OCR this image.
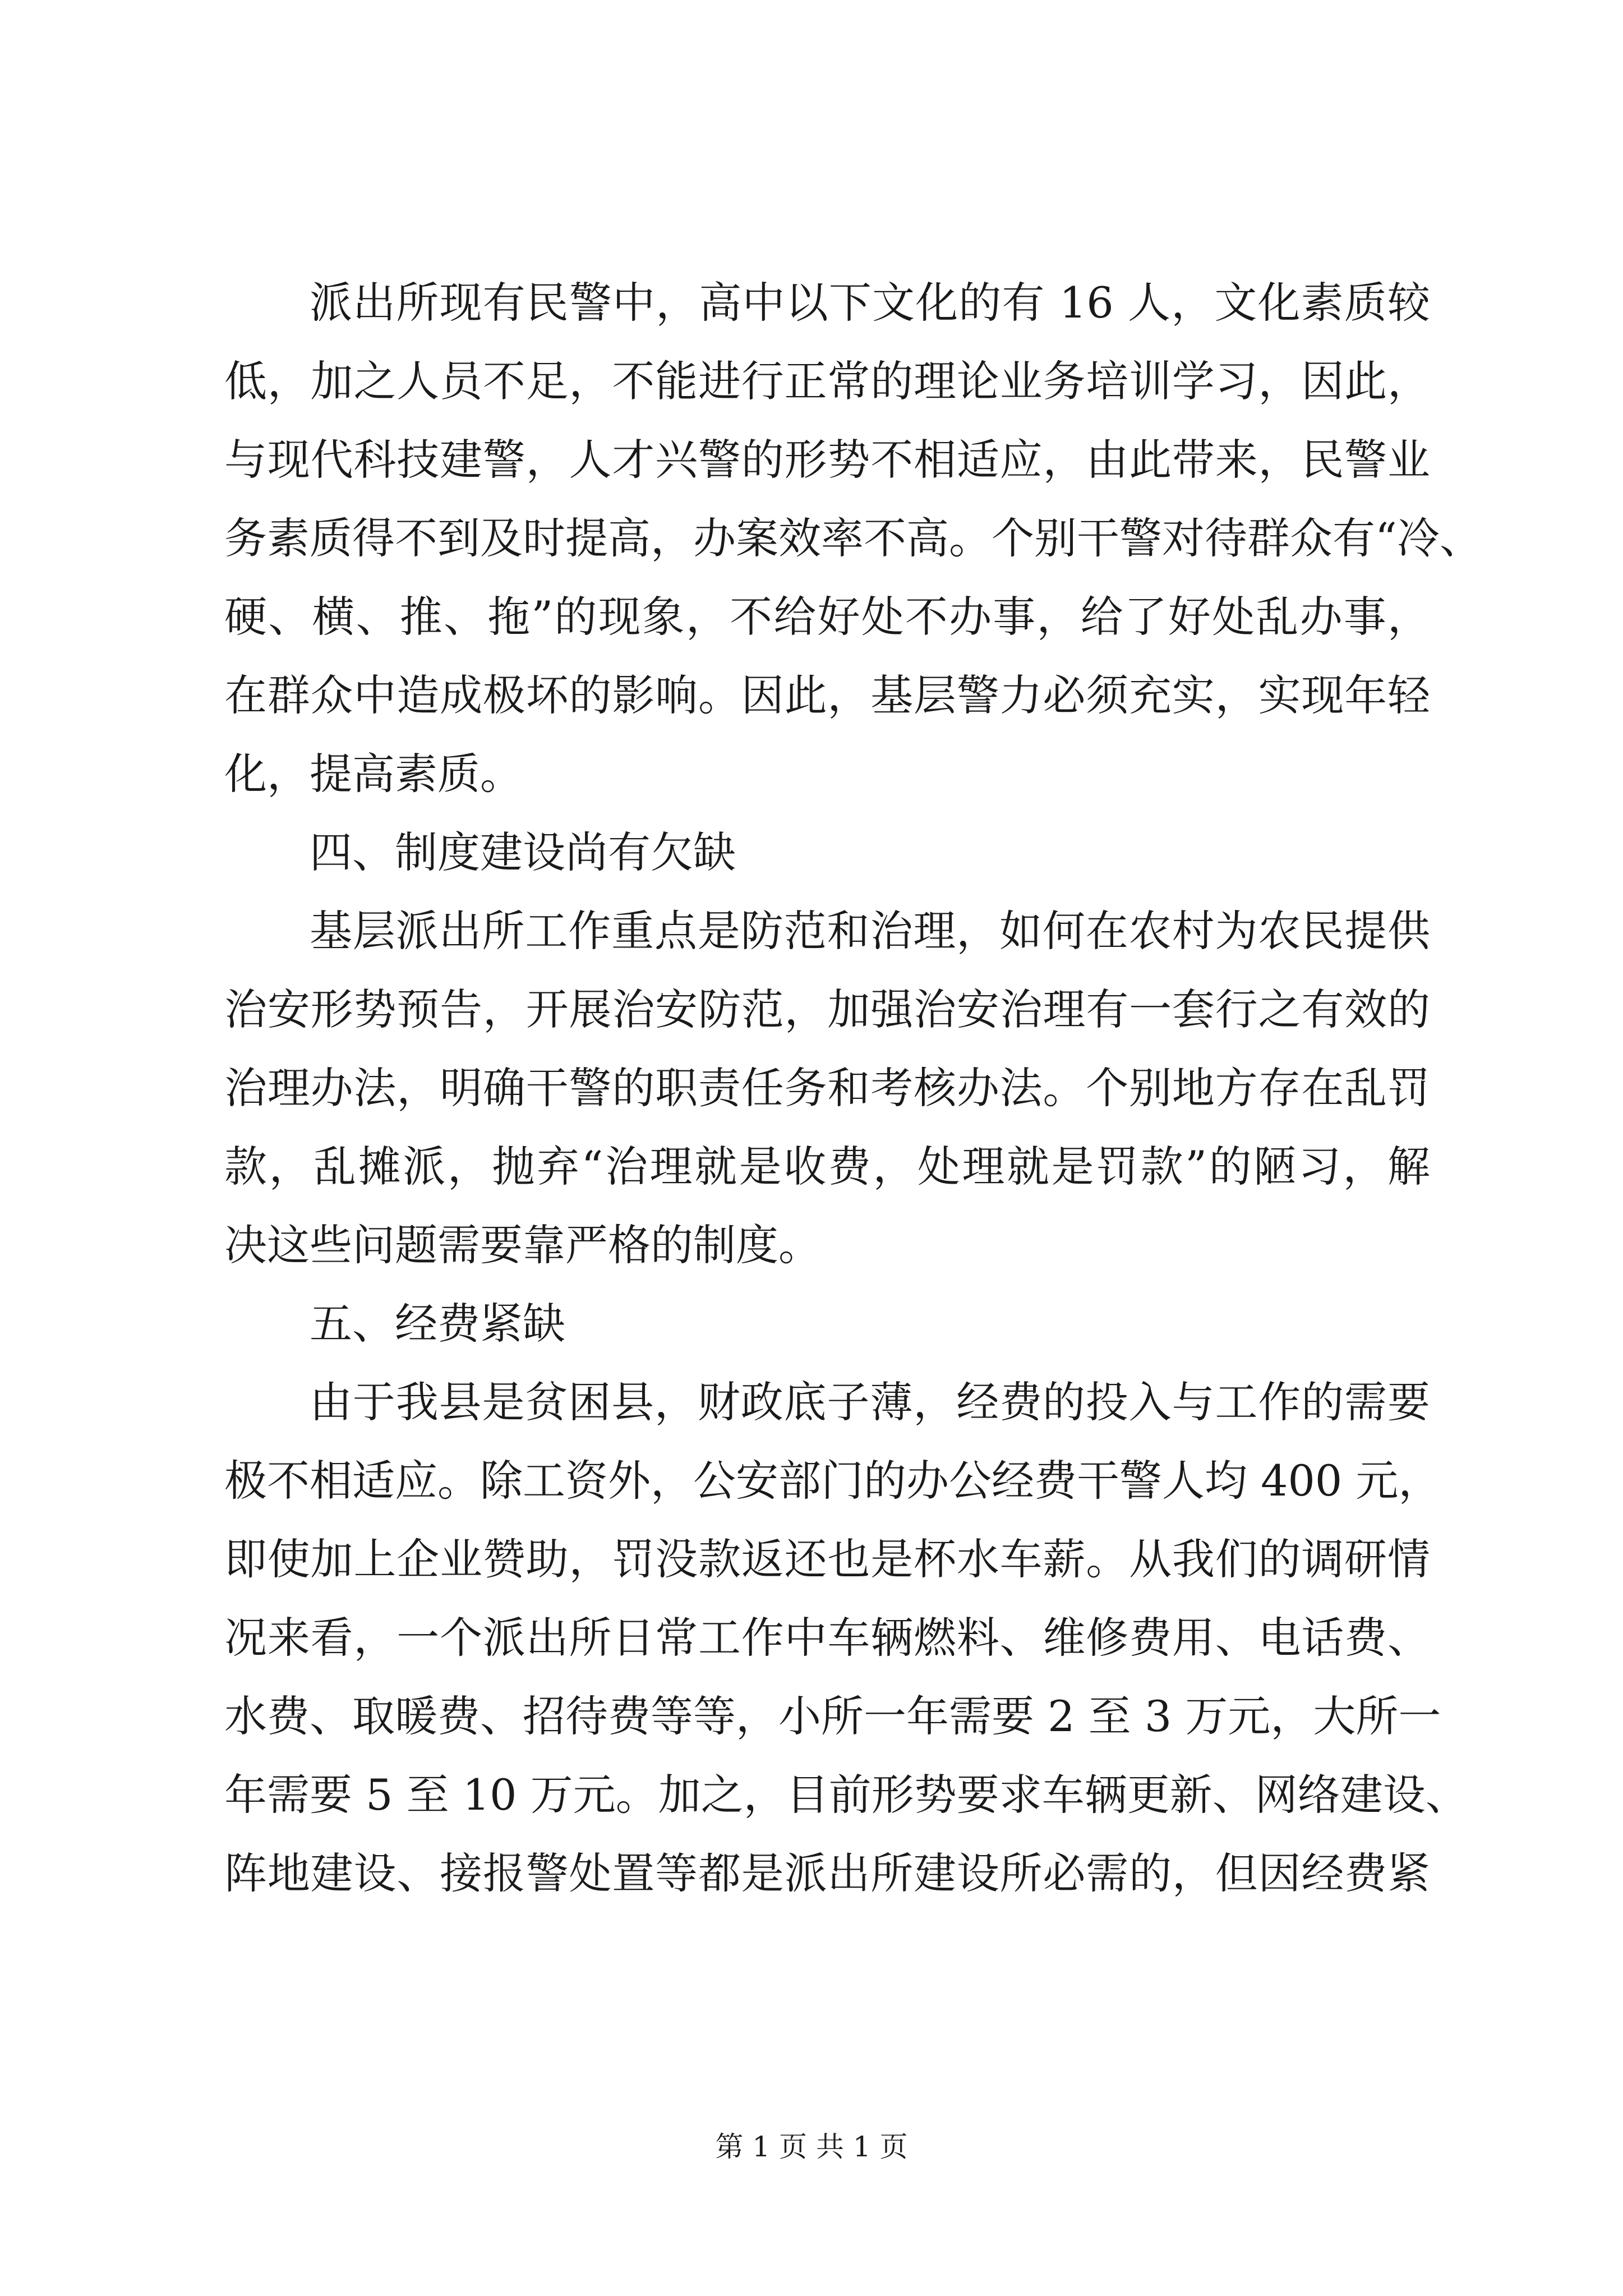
派出所现有民警中，高中以下文化的有 16 人，文化素质较
低，加之人员不足，不能进行正常的理论业务培训学习，因此，
与现代科技建警，人才兴警的形势不相适应，由此带来，民警业
务素质得不到及时提高，办案效率不高。个别干警对待群众有“冷、
硬、横、推、拖”的现象，不给好处不办事，给了好处乱办事，
在群众中造成极坏的影响。因此，基层警力必须充实，实现年轻
化，提高素质。
四、制度建设尚有欠缺
基层派出所工作重点是防范和治理，如何在农村为农民提供
治安形势预告，开展治安防范，加强治安治理有一套行之有效的
治理办法，明确干警的职责任务和考核办法。个别地方存在乱罚
款，乱摊派，抛弃“治理就是收费，处理就是罚款”的陋习，解
决这些问题需要靠严格的制度。
五、经费紧缺
由于我县是贫困县，财政底子薄，经费的投入与工作的需要
极不相适应。除工资外，公安部门的办公经费干警人均 400 元，
即使加上企业赞助，罚没款返还也是杯水车薪。从我们的调研情
况来看，一个派出所日常工作中车辆燃料、维修费用、电话费、
水费、取暖费、招待费等等，小所一年需要 2 至 3 万元，大所一
年需要 5 至 10 万元。加之，目前形势要求车辆更新、网络建设、
阵地建设、接报警处置等都是派出所建设所必需的，但因经费紧
第 1 页 共 1 页
